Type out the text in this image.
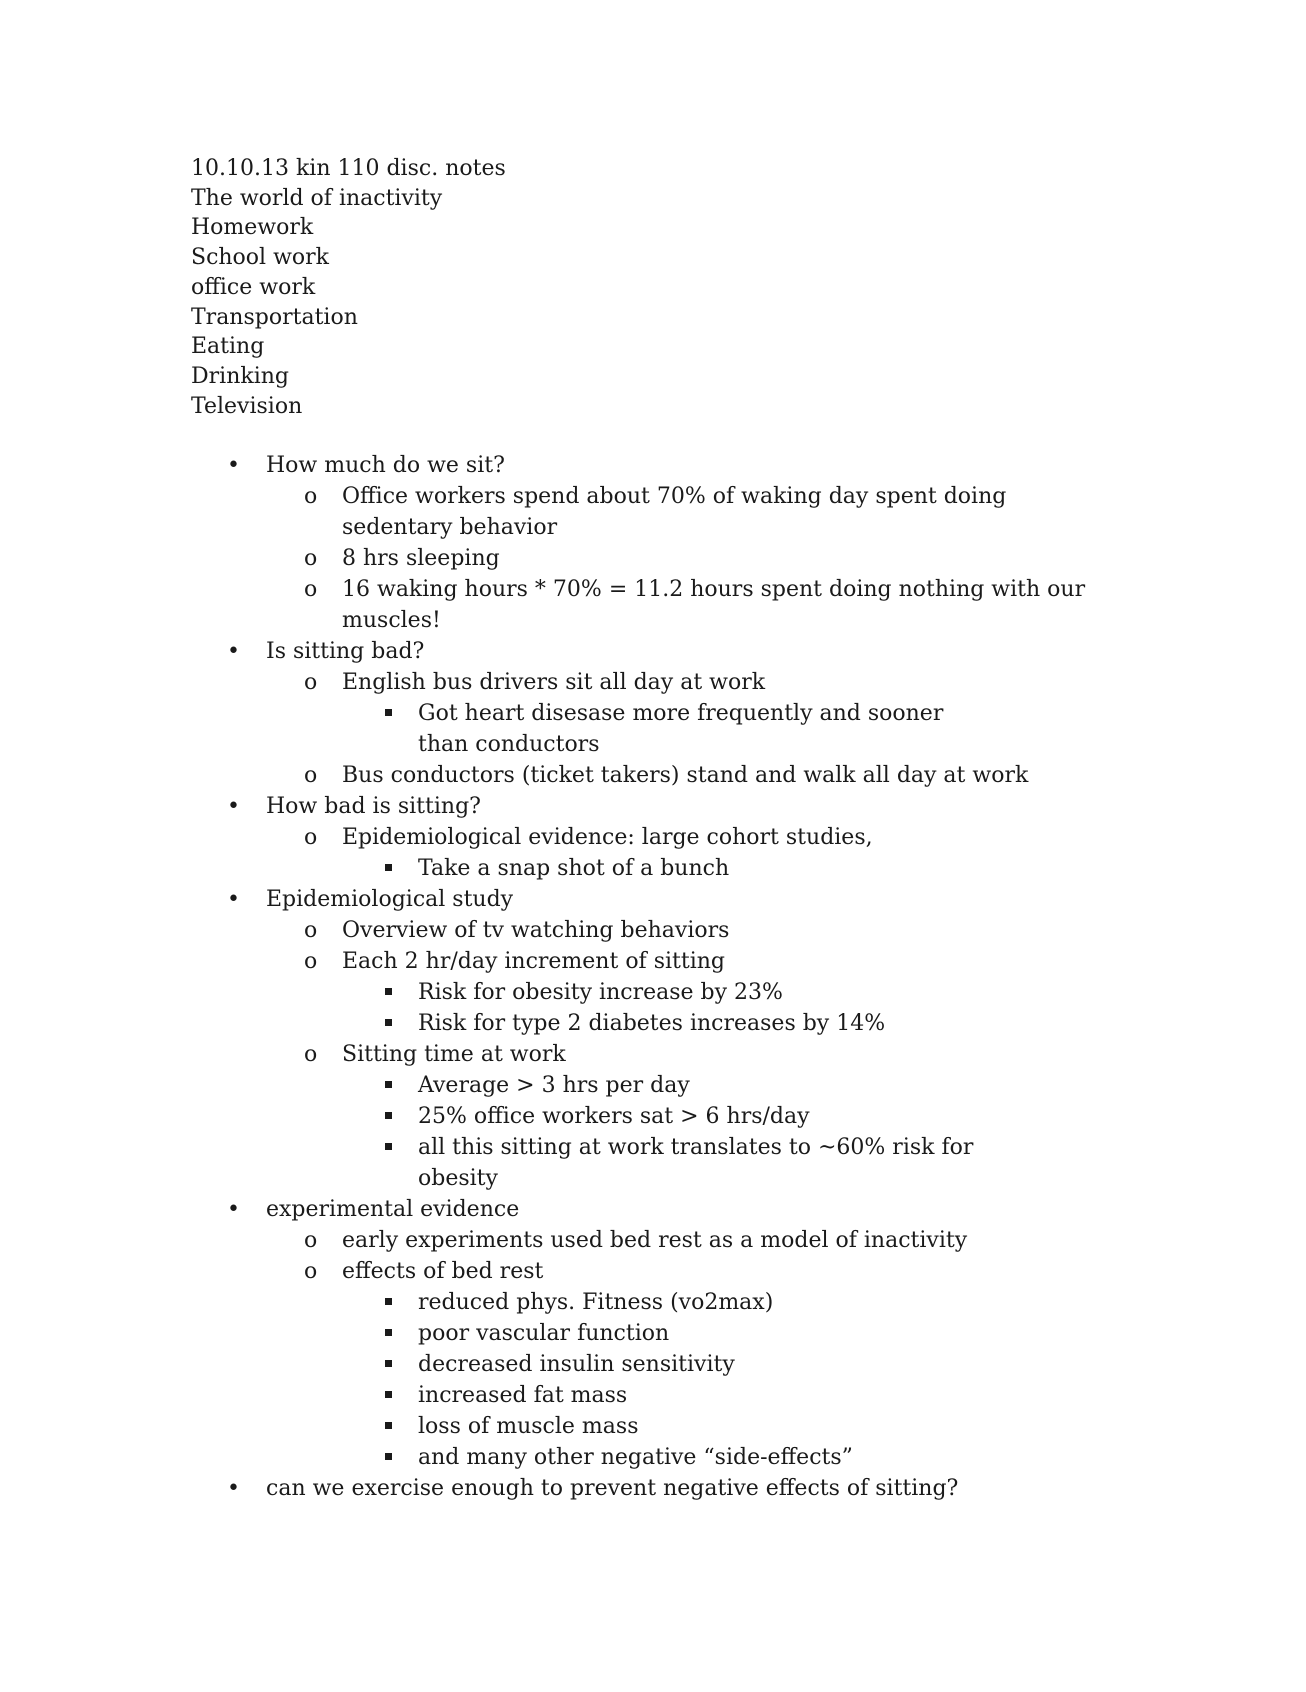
10.10.13 kin 110 disc. notes
The world of inactivity
Homework
School work
office work
Transportation
Eating
Drinking
Television
• How much do we sit?
o Office workers spend about 70% of waking day spent doing sedentary behavior
o 8 hrs sleeping
o 16 waking hours * 70% = 11.2 hours spent doing nothing with our muscles!
• Is sitting bad?
o English bus drivers sit all day at work
Got heart disesase more frequently and sooner than conductors
o Bus conductors (ticket takers) stand and walk all day at work
• How bad is sitting?
o Epidemiological evidence: large cohort studies,
Take a snap shot of a bunch
• Epidemiological study
o Overview of tv watching behaviors
o Each 2 hr/day increment of sitting
Risk for obesity increase by 23%
Risk for type 2 diabetes increases by 14%
o Sitting time at work
Average > 3 hrs per day
25% office workers sat > 6 hrs/day
all this sitting at work translates to ~60% risk for obesity
• experimental evidence
o early experiments used bed rest as a model of inactivity
o effects of bed rest
reduced phys. Fitness (vo2max)
poor vascular function
decreased insulin sensitivity
increased fat mass
loss of muscle mass
and many other negative “side-effects”
• can we exercise enough to prevent negative effects of sitting?
